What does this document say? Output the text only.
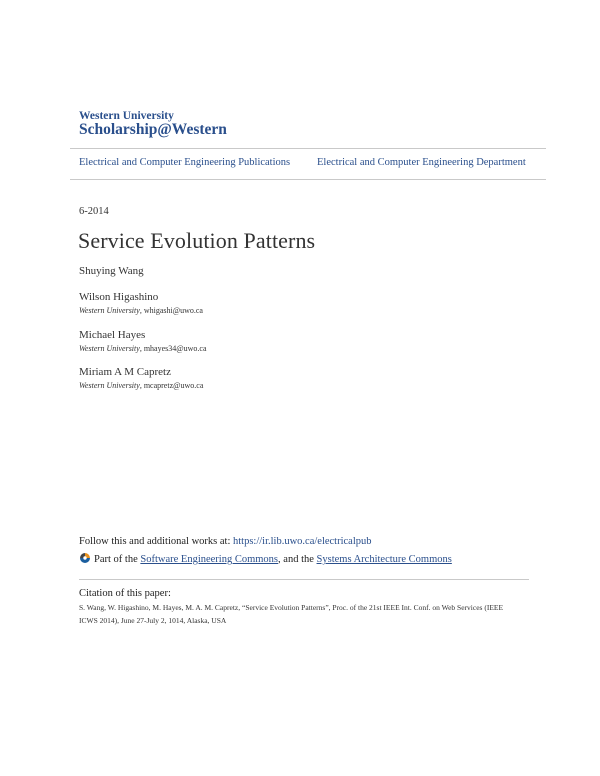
Western University
Scholarship@Western
Electrical and Computer Engineering Publications	Electrical and Computer Engineering Department
6-2014
Service Evolution Patterns
Shuying Wang
Wilson Higashino
Western University, whigashi@uwo.ca
Michael Hayes
Western University, mhayes34@uwo.ca
Miriam A M Capretz
Western University, mcapretz@uwo.ca
Follow this and additional works at: https://ir.lib.uwo.ca/electricalpub
Part of the Software Engineering Commons, and the Systems Architecture Commons
Citation of this paper:
S. Wang, W. Higashino, M. Hayes, M. A. M. Capretz, “Service Evolution Patterns”, Proc. of the 21st IEEE Int. Conf. on Web Services (IEEE ICWS 2014), June 27-July 2, 1014, Alaska, USA
